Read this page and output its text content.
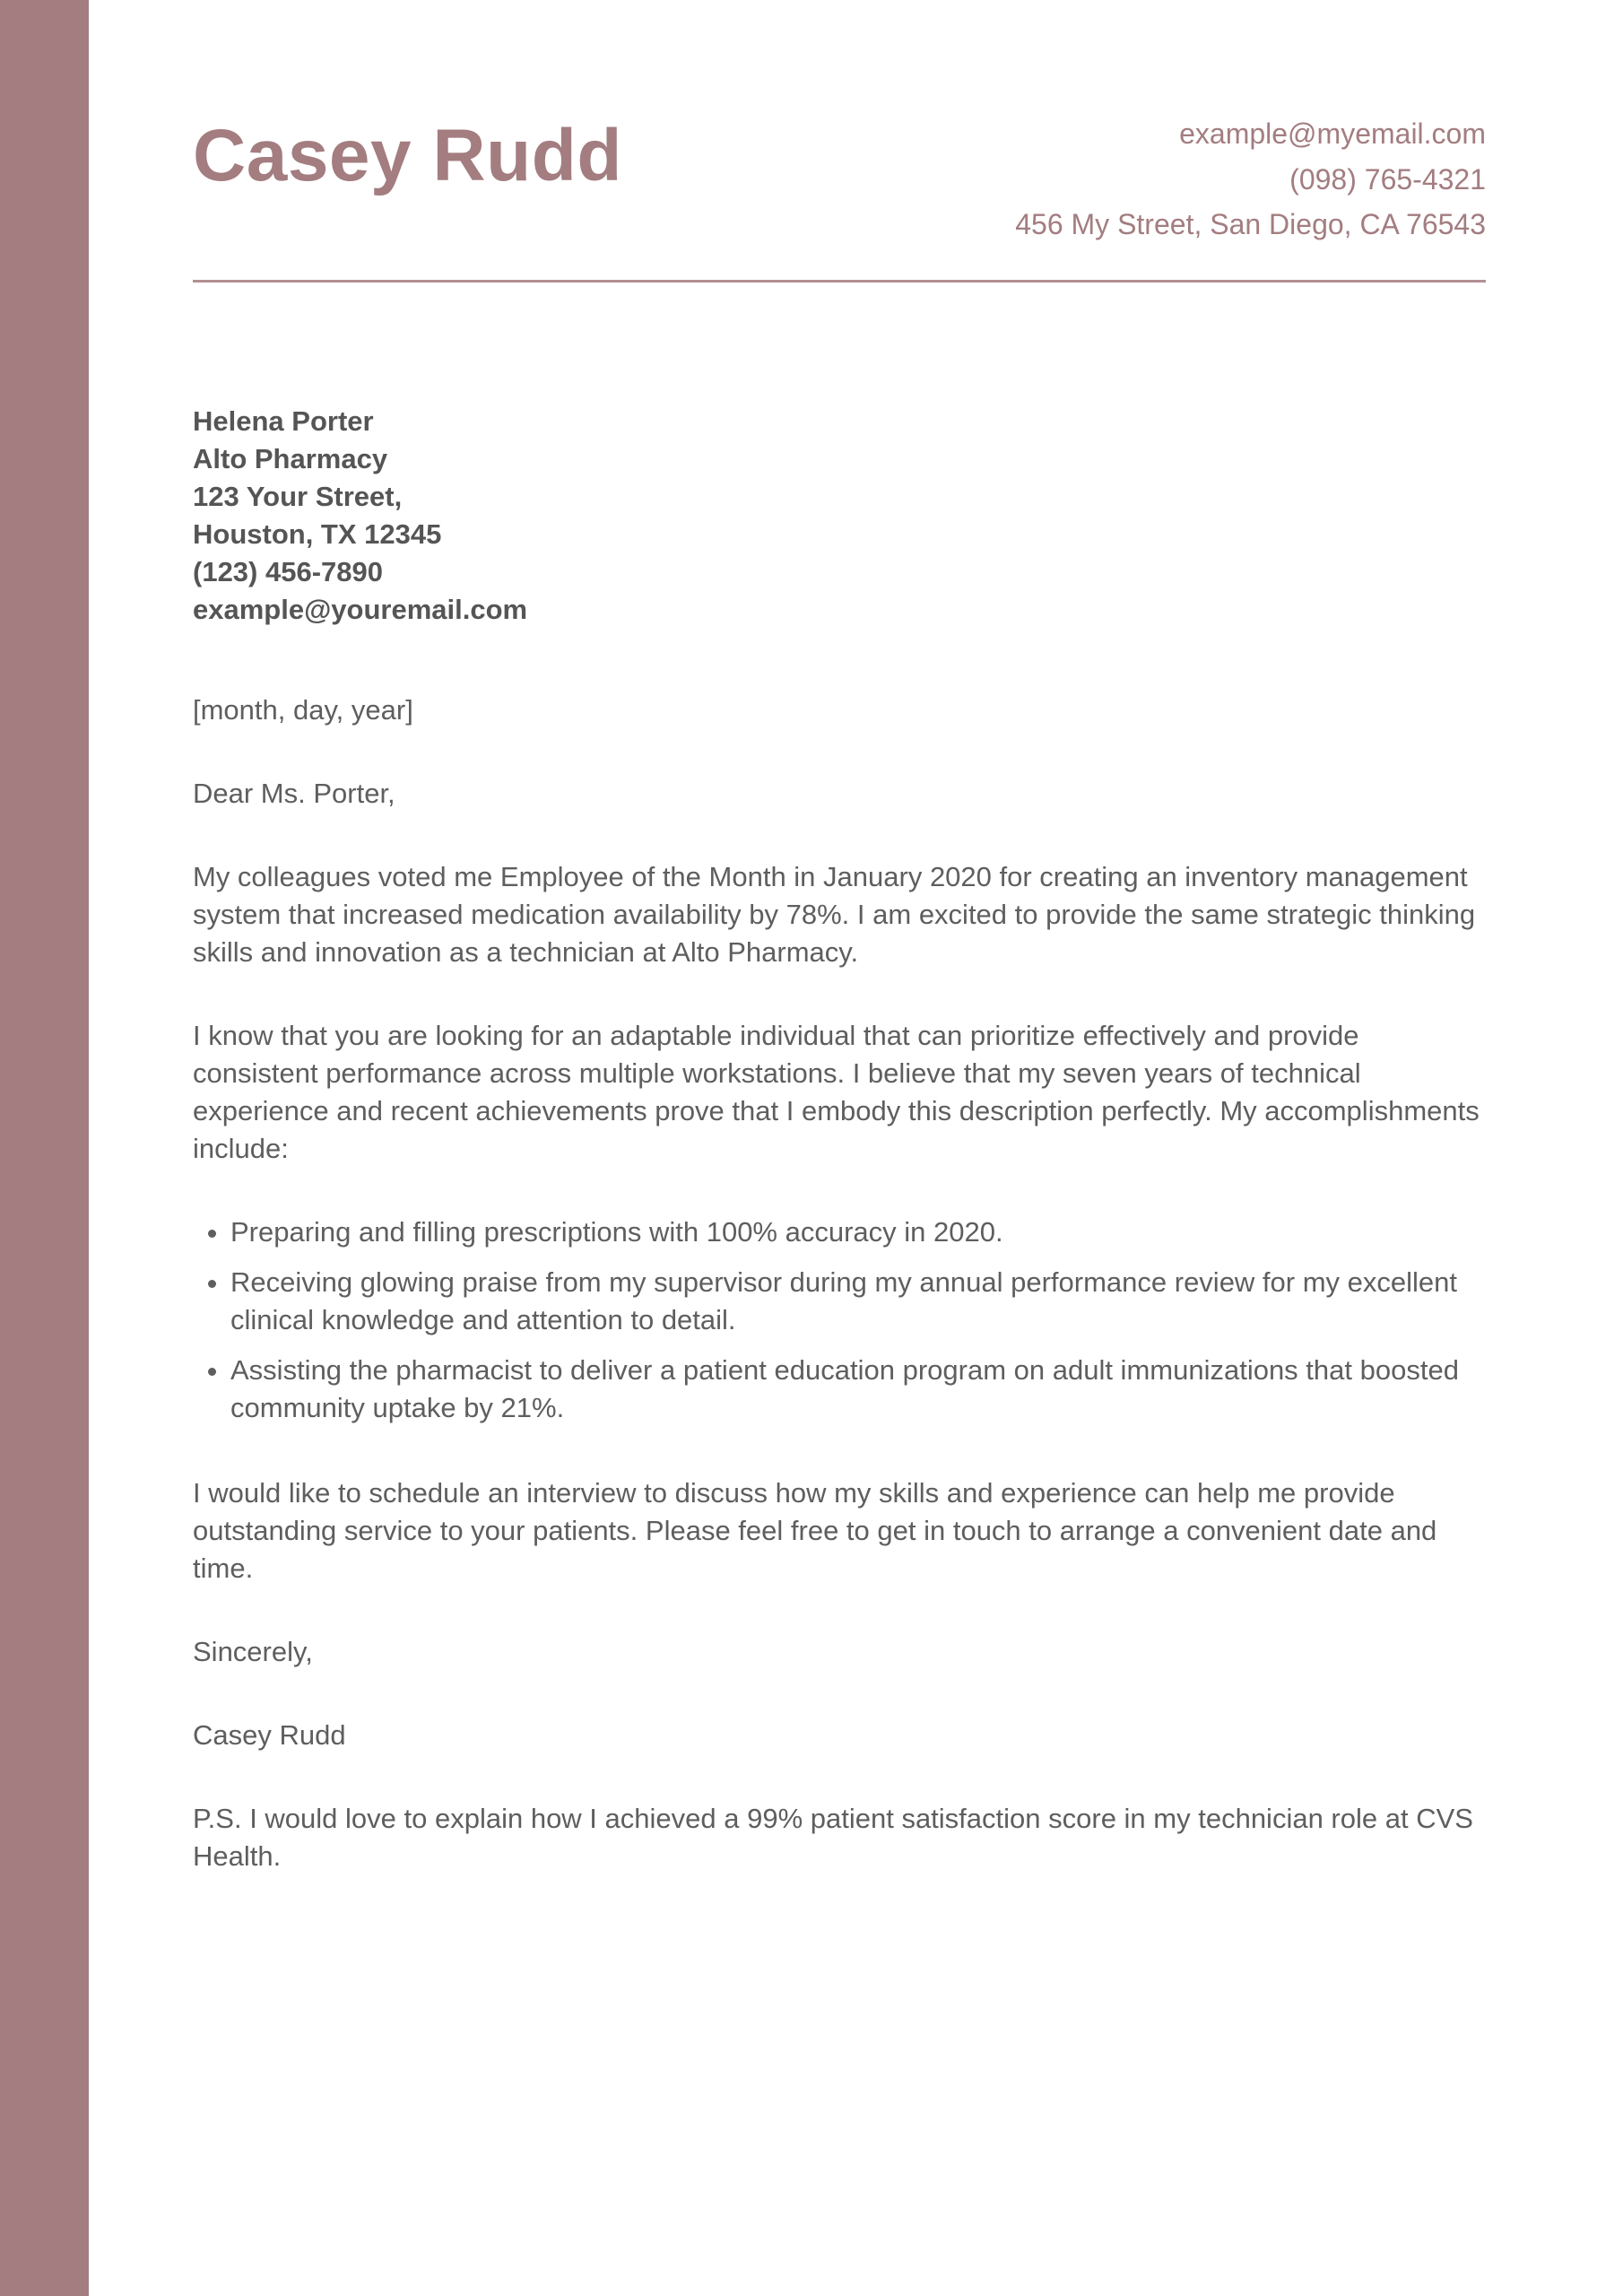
Casey Rudd	example@myemail.com
(098) 765-4321
456 My Street, San Diego, CA 76543
Helena Porter
Alto Pharmacy
123 Your Street,
Houston, TX 12345
(123) 456-7890
example@youremail.com

[month, day, year]

Dear Ms. Porter,

My colleagues voted me Employee of the Month in January 2020 for creating an inventory management system that increased medication availability by 78%. I am excited to provide the same strategic thinking skills and innovation as a technician at Alto Pharmacy.

I know that you are looking for an adaptable individual that can prioritize effectively and provide consistent performance across multiple workstations. I believe that my seven years of technical experience and recent achievements prove that I embody this description perfectly. My accomplishments include:

• Preparing and filling prescriptions with 100% accuracy in 2020.
• Receiving glowing praise from my supervisor during my annual performance review for my excellent clinical knowledge and attention to detail.
• Assisting the pharmacist to deliver a patient education program on adult immunizations that boosted community uptake by 21%.

I would like to schedule an interview to discuss how my skills and experience can help me provide outstanding service to your patients. Please feel free to get in touch to arrange a convenient date and time.

Sincerely,

Casey Rudd

P.S. I would love to explain how I achieved a 99% patient satisfaction score in my technician role at CVS Health.
